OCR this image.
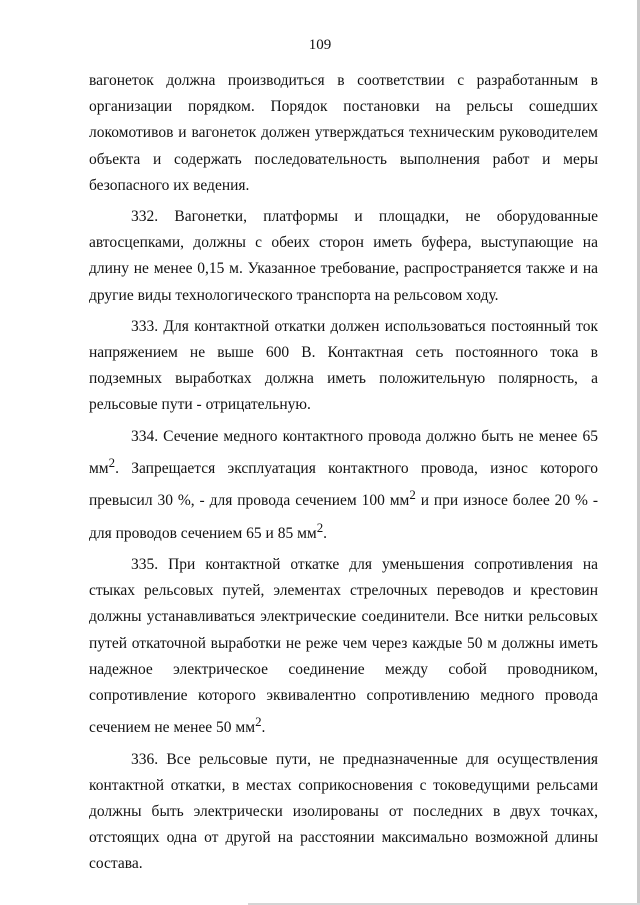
109

вагонеток должна производиться в соответствии с разработанным в организации порядком. Порядок постановки на рельсы сошедших локомотивов и вагонеток должен утверждаться техническим руководителем объекта и содержать последовательность выполнения работ и меры безопасного их ведения.

332. Вагонетки, платформы и площадки, не оборудованные автосцепками, должны с обеих сторон иметь буфера, выступающие на длину не менее 0,15 м. Указанное требование, распространяется также и на другие виды технологического транспорта на рельсовом ходу.

333. Для контактной откатки должен использоваться постоянный ток напряжением не выше 600 В. Контактная сеть постоянного тока в подземных выработках должна иметь положительную полярность, а рельсовые пути - отрицательную.

334. Сечение медного контактного провода должно быть не менее 65 $мм^2$. Запрещается эксплуатация контактного провода, износ которого превысил 30 %, - для провода сечением 100 $мм^2$ и при износе более 20 % - для проводов сечением 65 и 85 $мм^2$.

335. При контактной откатке для уменьшения сопротивления на стыках рельсовых путей, элементах стрелочных переводов и крестовин должны устанавливаться электрические соединители. Все нитки рельсовых путей откаточной выработки не реже чем через каждые 50 м должны иметь надежное электрическое соединение между собой проводником, сопротивление которого эквивалентно сопротивлению медного провода сечением не менее 50 $мм^2$.

336. Все рельсовые пути, не предназначенные для осуществления контактной откатки, в местах соприкосновения с токоведущими рельсами должны быть электрически изолированы от последних в двух точках, отстоящих одна от другой на расстоянии максимально возможной длины состава.
